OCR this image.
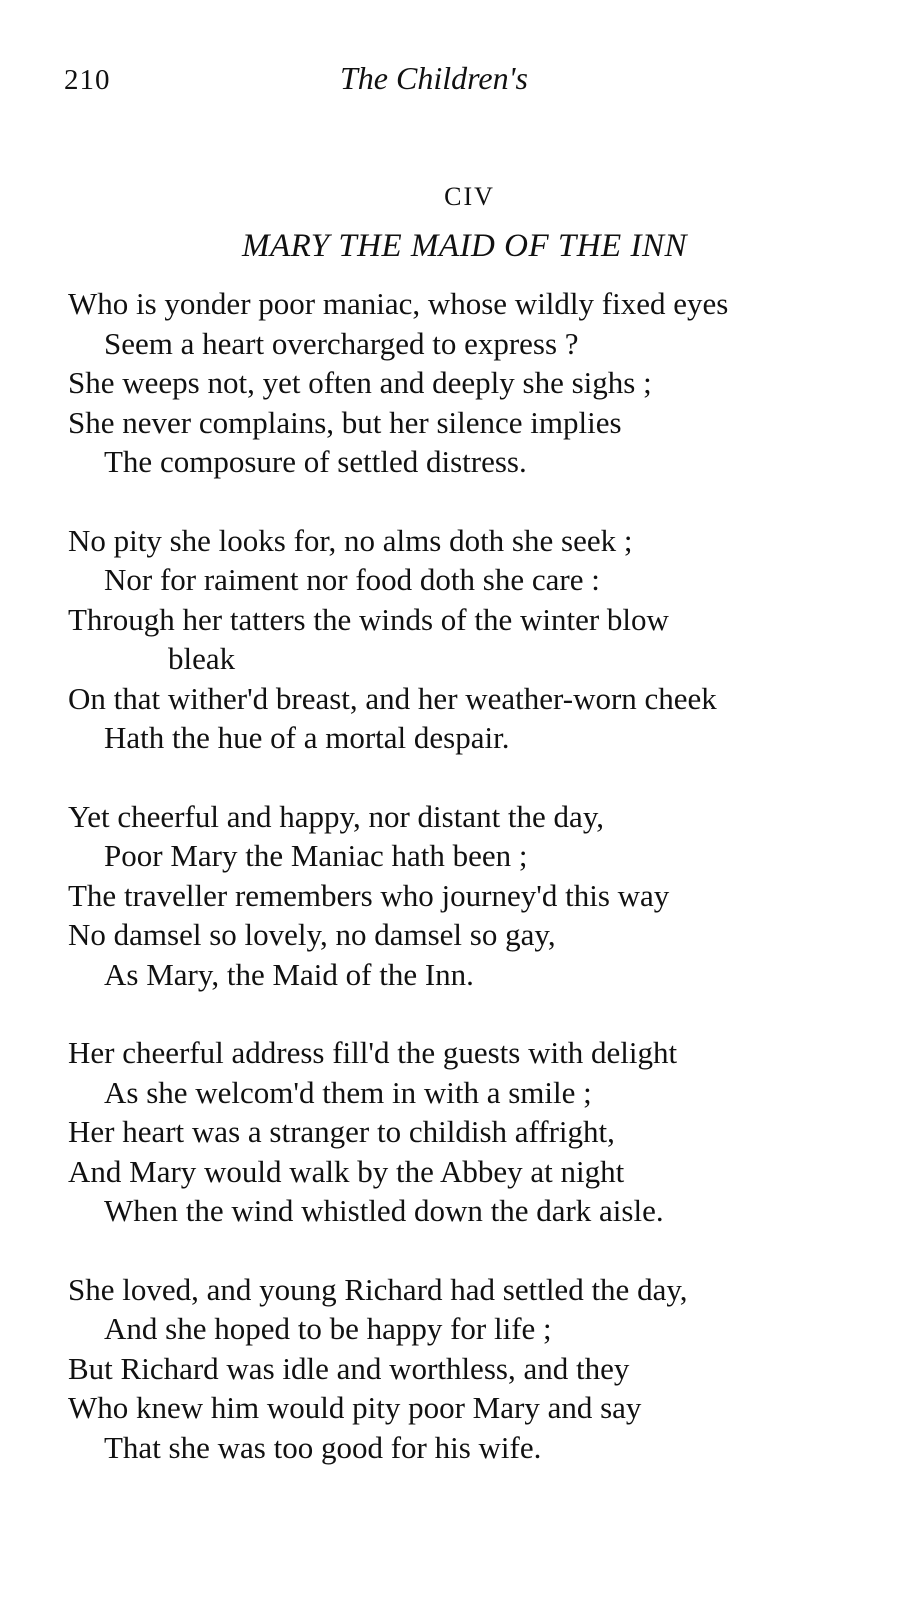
210	The Children's
CIV
MARY THE MAID OF THE INN
Who is yonder poor maniac, whose wildly fixed eyes
Seem a heart overcharged to express ?
She weeps not, yet often and deeply she sighs ;
She never complains, but her silence implies
The composure of settled distress.
No pity she looks for, no alms doth she seek ;
Nor for raiment nor food doth she care :
Through her tatters the winds of the winter blow
bleak
On that wither'd breast, and her weather-worn cheek
Hath the hue of a mortal despair.
Yet cheerful and happy, nor distant the day,
Poor Mary the Maniac hath been ;
The traveller remembers who journey'd this way
No damsel so lovely, no damsel so gay,
As Mary, the Maid of the Inn.
Her cheerful address fill'd the guests with delight
As she welcom'd them in with a smile ;
Her heart was a stranger to childish affright,
And Mary would walk by the Abbey at night
When the wind whistled down the dark aisle.
She loved, and young Richard had settled the day,
And she hoped to be happy for life ;
But Richard was idle and worthless, and they
Who knew him would pity poor Mary and say
That she was too good for his wife.
